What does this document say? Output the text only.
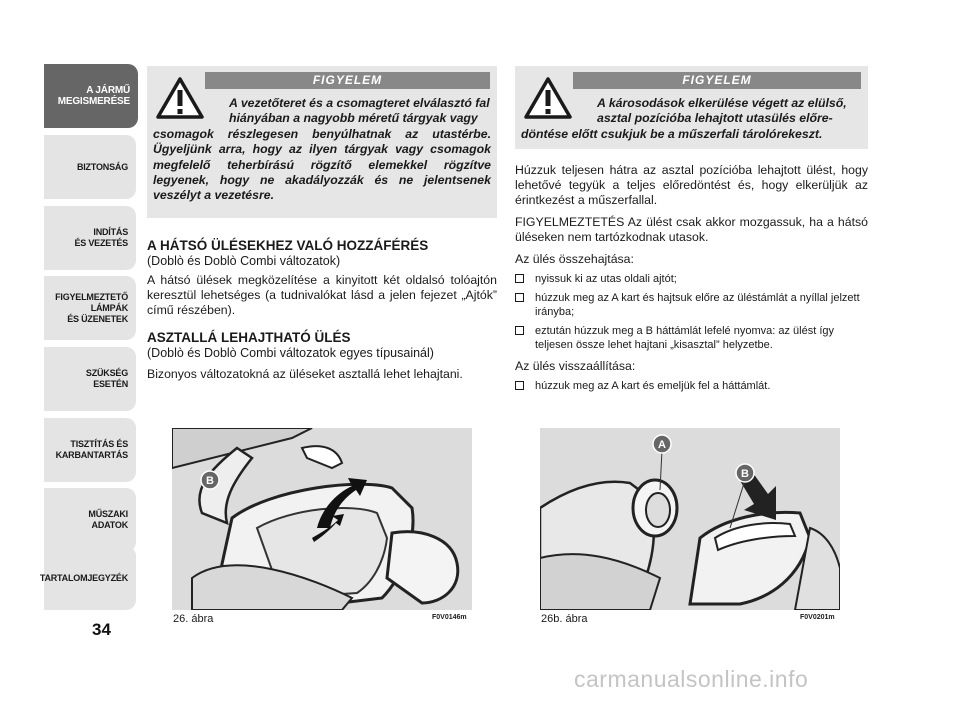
A JÁRMŰ
MEGISMERÉSE
BIZTONSÁG
INDÍTÁS
ÉS VEZETÉS
FIGYELMEZTETŐ
LÁMPÁK
ÉS ÜZENETEK
SZÜKSÉG
ESETÉN
TISZTÍTÁS ÉS
KARBANTARTÁS
MŰSZAKI
ADATOK
TARTALOMJEGYZÉK
34
FIGYELEM
A vezetőteret és a csomagteret elválasztó fal
hiányában a nagyobb méretű tárgyak vagy
csomagok részlegesen benyúlhatnak az utastérbe. Ügyeljünk arra, hogy az ilyen tárgyak vagy csomagok megfelelő teherbírású rögzítő elemekkel rögzítve legyenek, hogy ne akadályozzák és ne jelentsenek veszélyt a vezetésre.
FIGYELEM
A károsodások elkerülése végett az elülső,
asztal pozícióba lehajtott utasülés előre-
döntése előtt csukjuk be a műszerfali tárolórekeszt.
A HÁTSÓ ÜLÉSEKHEZ VALÓ HOZZÁFÉRÉS
(Doblò és Doblò Combi változatok)

A hátsó ülések megközelítése a kinyitott két oldalsó tolóajtón keresztül lehetséges (a tudnivalókat lásd a jelen fejezet „Ajtók” című részében).

ASZTALLÁ LEHAJTHATÓ ÜLÉS
(Doblò és Doblò Combi változatok egyes típusainál)

Bizonyos változatokná az üléseket asztallá lehet lehajtani.

Húzzuk teljesen hátra az asztal pozícióba lehajtott ülést, hogy lehetővé tegyük a teljes előredöntést és, hogy elkerüljük az érintkezést a műszerfallal.

FIGYELMEZTETÉS Az ülést csak akkor mozgassuk, ha a hátsó üléseken nem tartózkodnak utasok.

Az ülés összehajtása:
nyissuk ki az utas oldali ajtót;
húzzuk meg az A kart és hajtsuk előre az üléstámlát a nyíllal jelzett irányba;
eztután húzzuk meg a B háttámlát lefelé nyomva: az ülést így teljesen össze lehet hajtani „kisasztal” helyzetbe.
Az ülés visszaállítása:
húzzuk meg az A kart és emeljük fel a háttámlát.
B
26. ábra	F0V0146m
A
B
26b. ábra	F0V0201m
carmanualsonline.info
